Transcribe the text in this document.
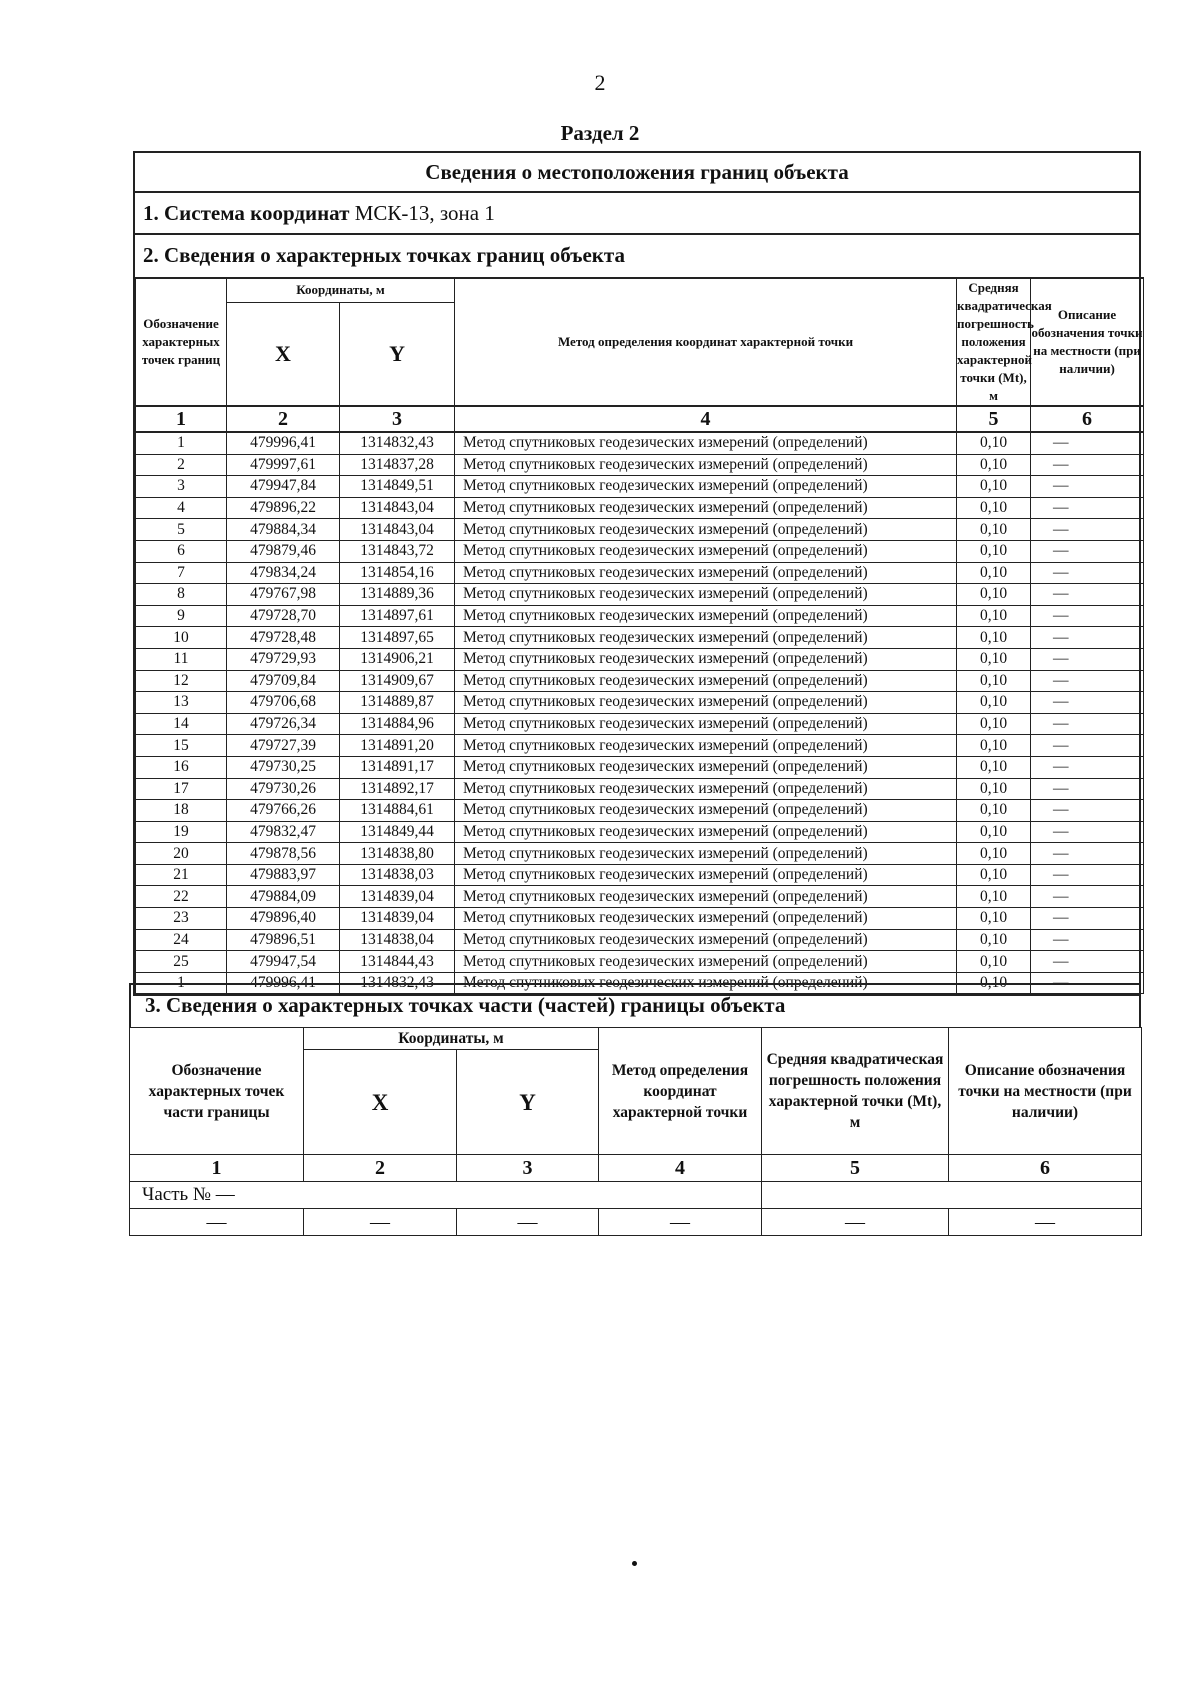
2
Раздел 2
Сведения о местоположения границ объекта
1. Система координат МСК-13, зона 1
2. Сведения о характерных точках границ объекта
Обозначение характерных точек границ	Координаты, м		Метод определения координат характерной точки	Средняя квадратическая погрешность положения характерной точки (Mt), м	Описание обозначения точки на местности (при наличии)
	X	Y			
1	2	3	4	5	6
1	479996,41	1314832,43	Метод спутниковых геодезических измерений (определений)	0,10	—
2	479997,61	1314837,28	Метод спутниковых геодезических измерений (определений)	0,10	—
3	479947,84	1314849,51	Метод спутниковых геодезических измерений (определений)	0,10	—
4	479896,22	1314843,04	Метод спутниковых геодезических измерений (определений)	0,10	—
5	479884,34	1314843,04	Метод спутниковых геодезических измерений (определений)	0,10	—
6	479879,46	1314843,72	Метод спутниковых геодезических измерений (определений)	0,10	—
7	479834,24	1314854,16	Метод спутниковых геодезических измерений (определений)	0,10	—
8	479767,98	1314889,36	Метод спутниковых геодезических измерений (определений)	0,10	—
9	479728,70	1314897,61	Метод спутниковых геодезических измерений (определений)	0,10	—
10	479728,48	1314897,65	Метод спутниковых геодезических измерений (определений)	0,10	—
11	479729,93	1314906,21	Метод спутниковых геодезических измерений (определений)	0,10	—
12	479709,84	1314909,67	Метод спутниковых геодезических измерений (определений)	0,10	—
13	479706,68	1314889,87	Метод спутниковых геодезических измерений (определений)	0,10	—
14	479726,34	1314884,96	Метод спутниковых геодезических измерений (определений)	0,10	—
15	479727,39	1314891,20	Метод спутниковых геодезических измерений (определений)	0,10	—
16	479730,25	1314891,17	Метод спутниковых геодезических измерений (определений)	0,10	—
17	479730,26	1314892,17	Метод спутниковых геодезических измерений (определений)	0,10	—
18	479766,26	1314884,61	Метод спутниковых геодезических измерений (определений)	0,10	—
19	479832,47	1314849,44	Метод спутниковых геодезических измерений (определений)	0,10	—
20	479878,56	1314838,80	Метод спутниковых геодезических измерений (определений)	0,10	—
21	479883,97	1314838,03	Метод спутниковых геодезических измерений (определений)	0,10	—
22	479884,09	1314839,04	Метод спутниковых геодезических измерений (определений)	0,10	—
23	479896,40	1314839,04	Метод спутниковых геодезических измерений (определений)	0,10	—
24	479896,51	1314838,04	Метод спутниковых геодезических измерений (определений)	0,10	—
25	479947,54	1314844,43	Метод спутниковых геодезических измерений (определений)	0,10	—
1	479996,41	1314832,43	Метод спутниковых геодезических измерений (определений)	0,10	—
3. Сведения о характерных точках части (частей) границы объекта
Обозначение характерных точек части границы	Координаты, м		Метод определения координат характерной точки	Средняя квадратическая погрешность положения характерной точки (Mt), м	Описание обозначения точки на местности (при наличии)
	X	Y			
1	2	3	4	5	6
Часть № —					
—	—	—	—	—	—
